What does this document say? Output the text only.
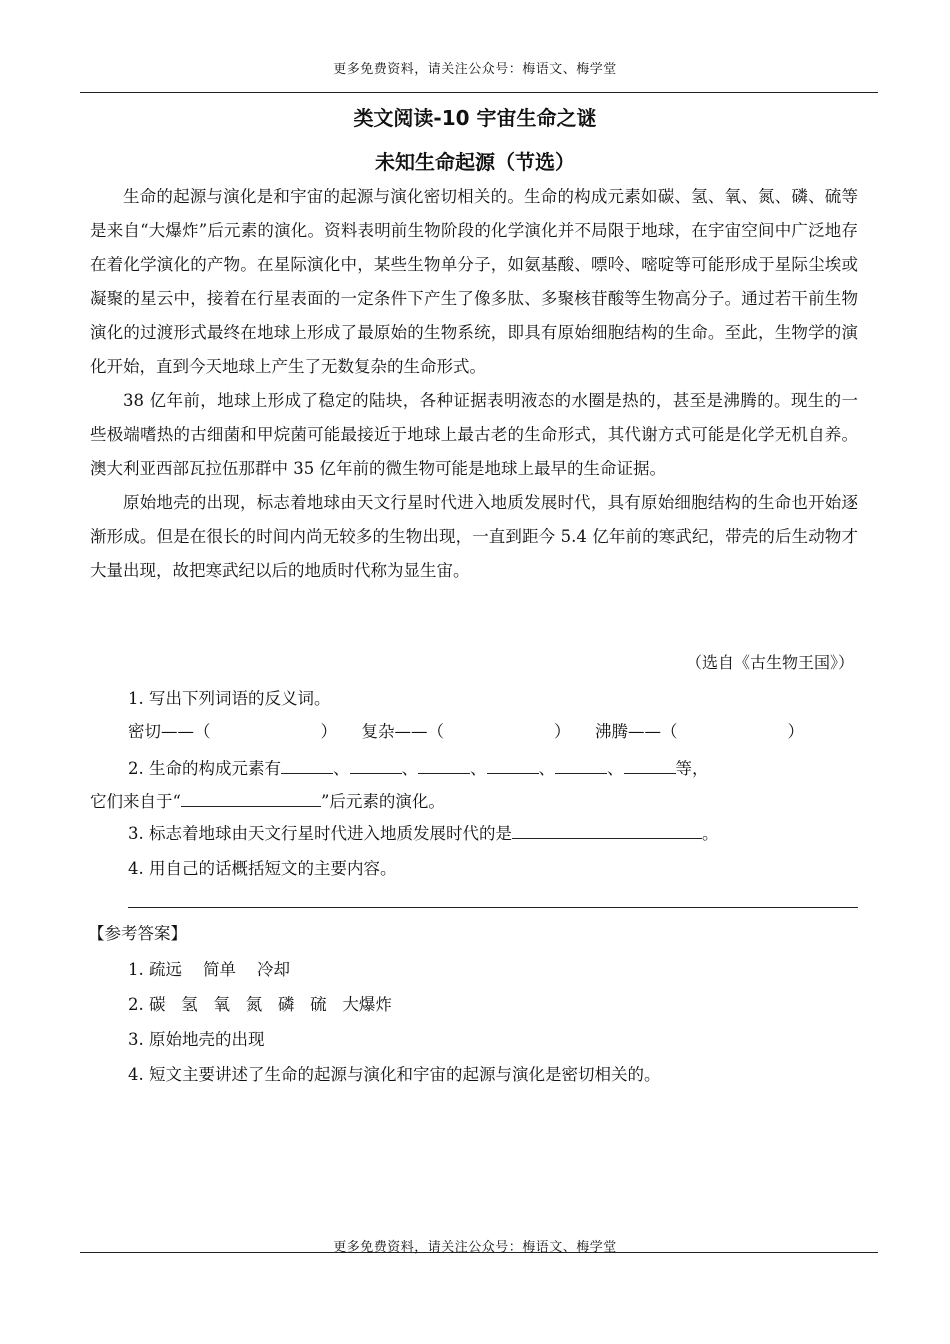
更多免费资料，请关注公众号：梅语文、梅学堂
类文阅读-10 宇宙生命之谜
未知生命起源（节选）

生命的起源与演化是和宇宙的起源与演化密切相关的。生命的构成元素如碳、氢、氧、氮、磷、硫等是来自“大爆炸”后元素的演化。资料表明前生物阶段的化学演化并不局限于地球，在宇宙空间中广泛地存在着化学演化的产物。在星际演化中，某些生物单分子，如氨基酸、嘌呤、嘧啶等可能形成于星际尘埃或凝聚的星云中，接着在行星表面的一定条件下产生了像多肽、多聚核苷酸等生物高分子。通过若干前生物演化的过渡形式最终在地球上形成了最原始的生物系统，即具有原始细胞结构的生命。至此，生物学的演化开始，直到今天地球上产生了无数复杂的生命形式。

38 亿年前，地球上形成了稳定的陆块，各种证据表明液态的水圈是热的，甚至是沸腾的。现生的一些极端嗜热的古细菌和甲烷菌可能最接近于地球上最古老的生命形式，其代谢方式可能是化学无机自养。澳大利亚西部瓦拉伍那群中 35 亿年前的微生物可能是地球上最早的生命证据。

原始地壳的出现，标志着地球由天文行星时代进入地质发展时代，具有原始细胞结构的生命也开始逐渐形成。但是在很长的时间内尚无较多的生物出现，一直到距今 5.4 亿年前的寒武纪，带壳的后生动物才大量出现，故把寒武纪以后的地质时代称为显生宙。

（选自《古生物王国》）
1. 写出下列词语的反义词。
密切——（	） 复杂——（	） 沸腾——（	）
2. 生命的构成元素有	、	、	、	、	、	等，
它们来自于“	”后元素的演化。
3. 标志着地球由天文行星时代进入地质发展时代的是	。
4. 用自己的话概括短文的主要内容。
【参考答案】
1. 疏远    简单    冷却
2. 碳   氢   氧   氮   磷   硫   大爆炸
3. 原始地壳的出现
4. 短文主要讲述了生命的起源与演化和宇宙的起源与演化是密切相关的。
更多免费资料，请关注公众号：梅语文、梅学堂
